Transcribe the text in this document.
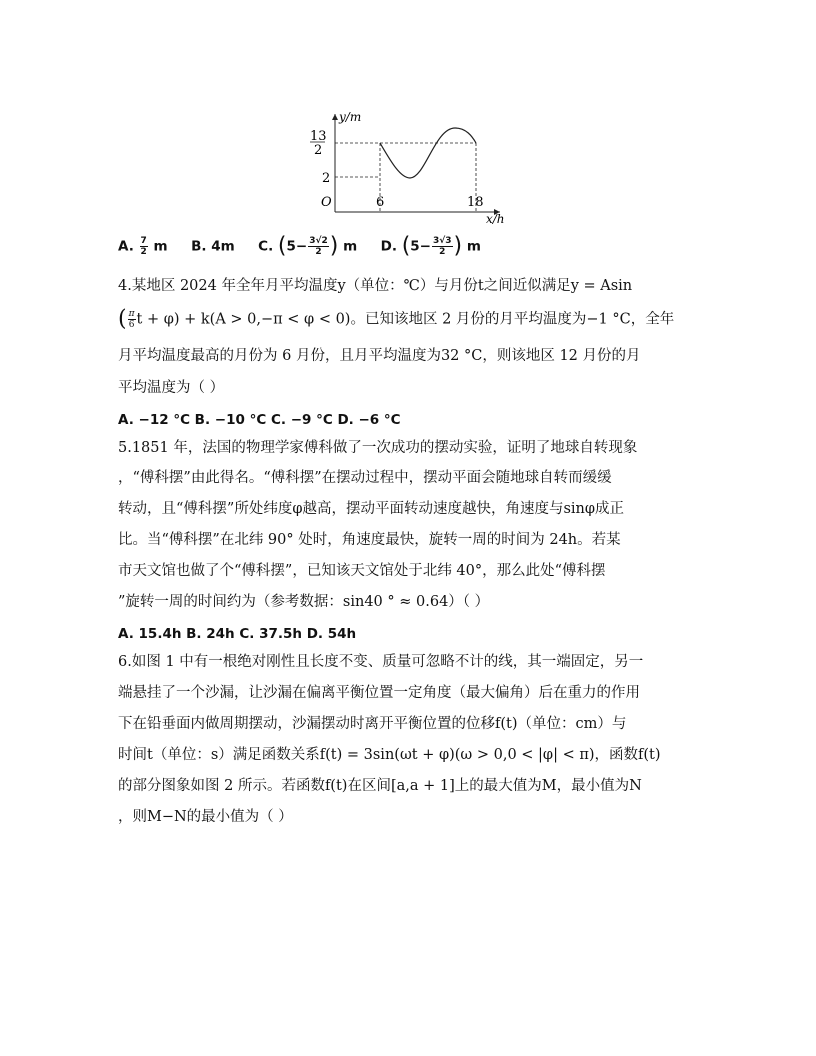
y/m
x/h
13
2
2
O	6	18
A. $\frac{7}{2}$ m B. 4m C. ($5- \frac{3√2}{2}$ ) m D. ($5- \frac{3√3}{2}$ ) m
4.某地区 2024 年全年月平均温度y（单位：℃）与月份t之间近似满足y = Asin
( $\frac{\pi}{6}$ t + φ) + k(A > 0,−π < φ < 0)。已知该地区 2 月份的月平均温度为−1 °C，全年
月平均温度最高的月份为 6 月份，且月平均温度为32 °C，则该地区 12 月份的月
平均温度为（ ）
A. −12 °C B. −10 °C C. −9 °C D. −6 °C
5.1851 年，法国的物理学家傅科做了一次成功的摆动实验，证明了地球自转现象
，“傅科摆”由此得名。“傅科摆”在摆动过程中，摆动平面会随地球自转而缓缓
转动，且“傅科摆”所处纬度φ越高，摆动平面转动速度越快，角速度与sinφ成正
比。当“傅科摆”在北纬 90° 处时，角速度最快，旋转一周的时间为 24h。若某
市天文馆也做了个“傅科摆”，已知该天文馆处于北纬 40°，那么此处“傅科摆
”旋转一周的时间约为（参考数据：sin40 ° ≈ 0.64）（ ）
A. 15.4h B. 24h C. 37.5h D. 54h
6.如图 1 中有一根绝对刚性且长度不变、质量可忽略不计的线，其一端固定，另一
端悬挂了一个沙漏，让沙漏在偏离平衡位置一定角度（最大偏角）后在重力的作用
下在铅垂面内做周期摆动，沙漏摆动时离开平衡位置的位移f(t)（单位：cm）与
时间t（单位：s）满足函数关系f(t) = 3sin(ωt + φ)(ω > 0,0 < |φ| < π)，函数f(t)
的部分图象如图 2 所示。若函数f(t)在区间[a,a + 1]上的最大值为M，最小值为N
，则M−N的最小值为（ ）
